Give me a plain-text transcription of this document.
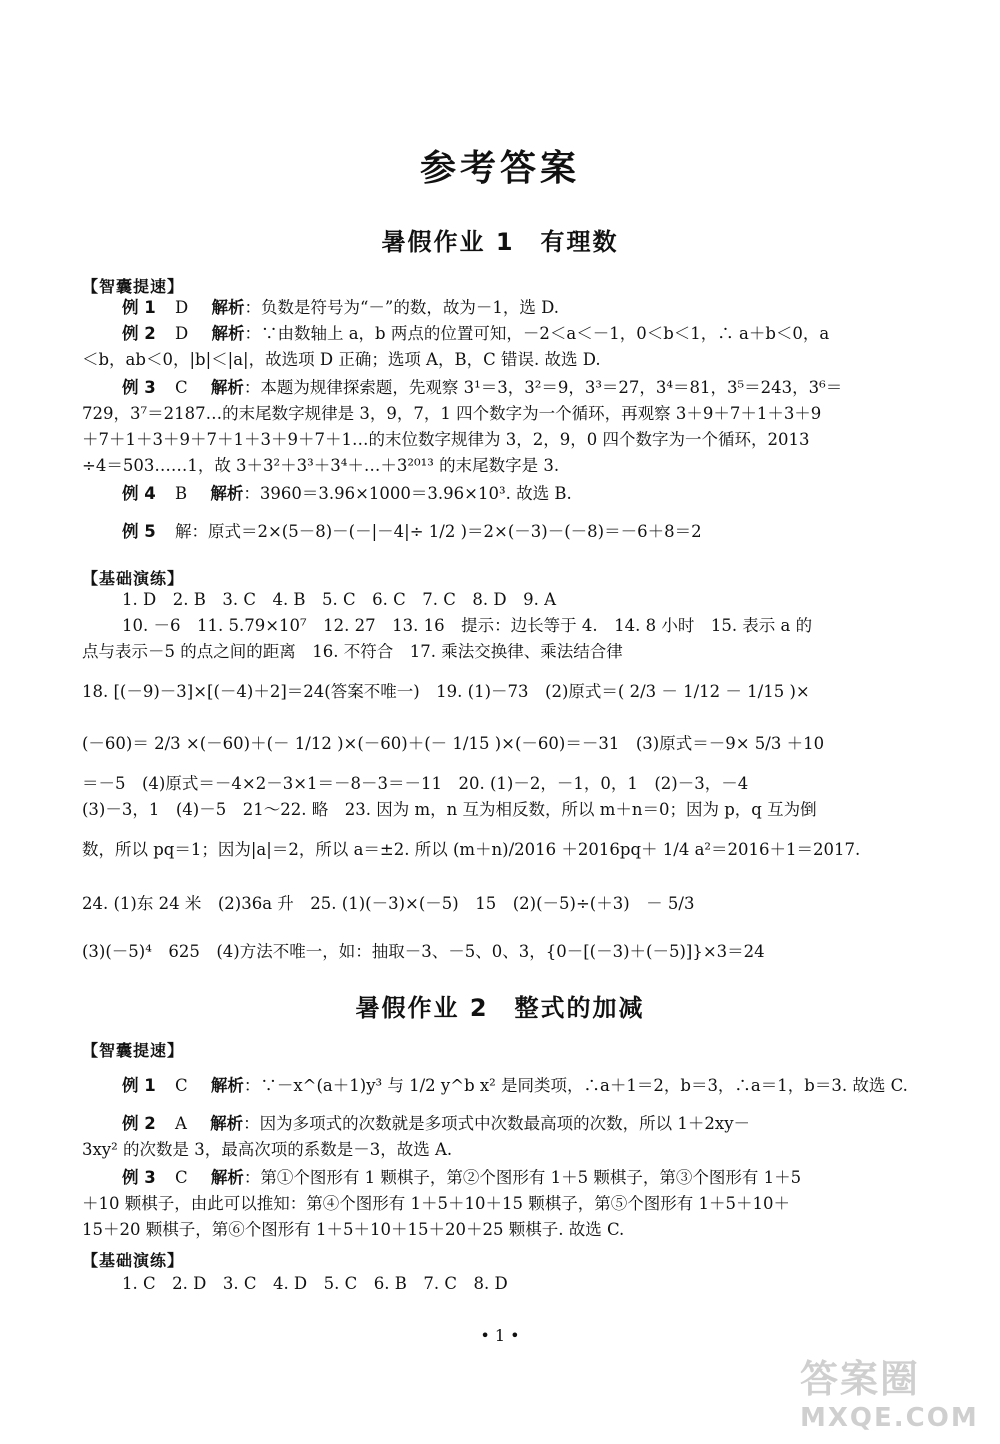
参考答案
暑假作业 1　有理数
【智囊提速】
例 1 D 解析：负数是符号为“－”的数，故为－1，选 D.
例 2 D 解析：∵由数轴上 a，b 两点的位置可知，－2＜a＜－1，0＜b＜1，∴ a＋b＜0，a
＜b，ab＜0，|b|＜|a|，故选项 D 正确；选项 A，B，C 错误. 故选 D.
例 3 C 解析：本题为规律探索题，先观察 3¹＝3，3²＝9，3³＝27，3⁴＝81，3⁵＝243，3⁶＝
729，3⁷＝2187…的末尾数字规律是 3，9，7，1 四个数字为一个循环，再观察 3＋9＋7＋1＋3＋9
＋7＋1＋3＋9＋7＋1＋3＋9＋7＋1…的末位数字规律为 3，2，9，0 四个数字为一个循环，2013
÷4＝503……1，故 3＋3²＋3³＋3⁴＋…＋3²⁰¹³ 的末尾数字是 3.
例 4 B 解析：3960＝3.96×1000＝3.96×10³. 故选 B.
例 5 解：原式＝2×(5－8)－(－|－4|÷ 1/2 )＝2×(－3)－(－8)＝－6＋8＝2
【基础演练】
1. D　2. B　3. C　4. B　5. C　6. C　7. C　8. D　9. A
10. －6　11. 5.79×10⁷　12. 27　13. 16　提示：边长等于 4.　14. 8 小时　15. 表示 a 的
点与表示－5 的点之间的距离　16. 不符合　17. 乘法交换律、乘法结合律
18. [(－9)－3]×[(－4)＋2]＝24(答案不唯一)　19. (1)－73　(2)原式＝( 2/3 － 1/12 － 1/15 )×
(－60)＝ 2/3 ×(－60)＋(－ 1/12 )×(－60)＋(－ 1/15 )×(－60)＝－31　(3)原式＝－9× 5/3 ＋10
＝－5　(4)原式＝－4×2－3×1＝－8－3＝－11　20. (1)－2，－1，0，1　(2)－3，－4
(3)－3，1　(4)－5　21～22. 略　23. 因为 m，n 互为相反数，所以 m＋n＝0；因为 p，q 互为倒
数，所以 pq＝1；因为|a|＝2，所以 a＝±2. 所以 (m＋n)/2016 ＋2016pq＋ 1/4 a²＝2016＋1＝2017.
24. (1)东 24 米　(2)36a 升　25. (1)(－3)×(－5)　15　(2)(－5)÷(＋3)　－ 5/3
(3)(－5)⁴　625　(4)方法不唯一，如：抽取－3、－5、0、3，{0－[(－3)＋(－5)]}×3＝24
暑假作业 2　整式的加减
【智囊提速】
例 1 C 解析：∵－x^(a＋1)y³ 与 1/2 y^b x² 是同类项，∴a＋1＝2，b＝3，∴a＝1，b＝3. 故选 C.
例 2 A 解析：因为多项式的次数就是多项式中次数最高项的次数，所以 1＋2xy－
3xy² 的次数是 3，最高次项的系数是－3，故选 A.
例 3 C 解析：第①个图形有 1 颗棋子，第②个图形有 1＋5 颗棋子，第③个图形有 1＋5
＋10 颗棋子，由此可以推知：第④个图形有 1＋5＋10＋15 颗棋子，第⑤个图形有 1＋5＋10＋
15＋20 颗棋子，第⑥个图形有 1＋5＋10＋15＋20＋25 颗棋子. 故选 C.
【基础演练】
1. C　2. D　3. C　4. D　5. C　6. B　7. C　8. D
• 1 •
答案圈
MXQE.COM
